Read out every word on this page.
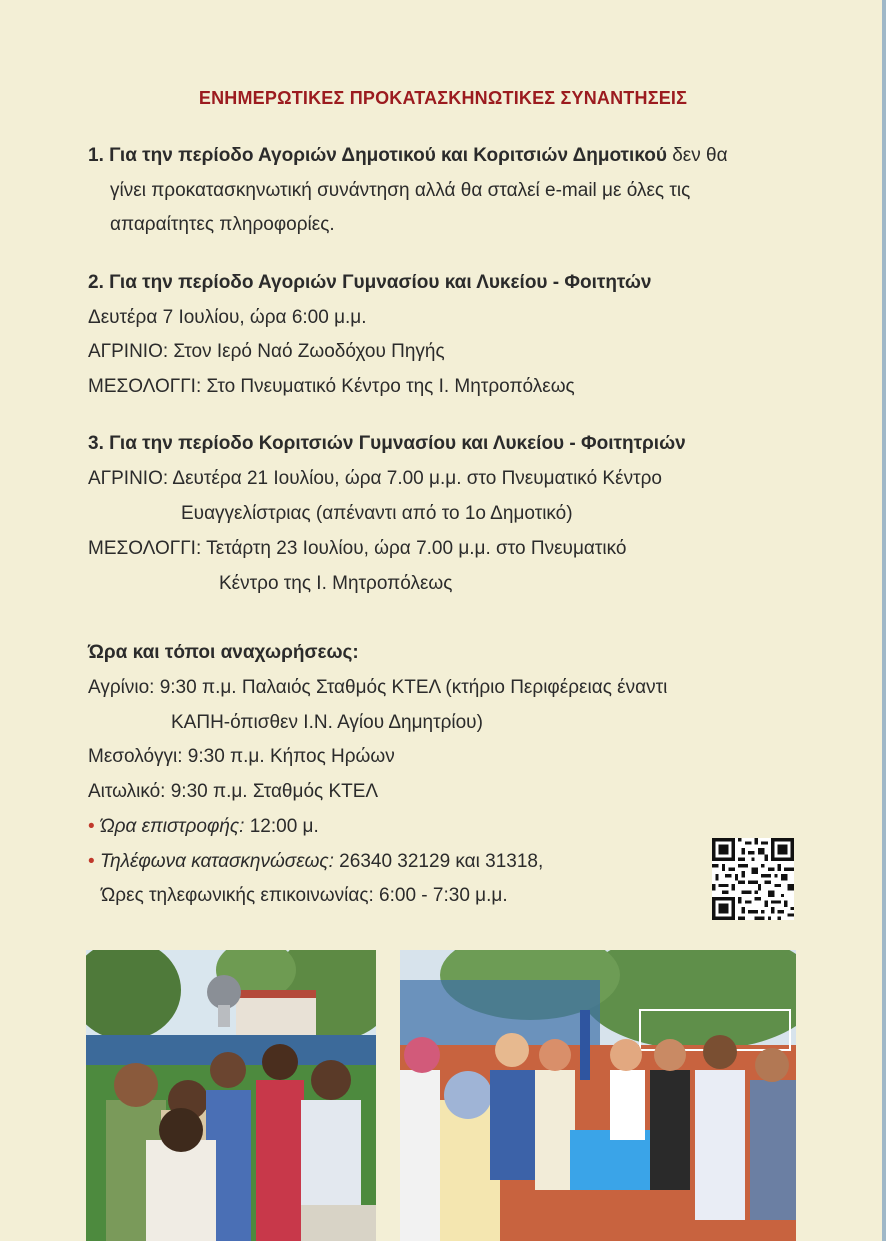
ΕΝΗΜΕΡΩΤΙΚΕΣ ΠΡΟΚΑΤΑΣΚΗΝΩΤΙΚΕΣ ΣΥΝΑΝΤΗΣΕΙΣ
1. Για την περίοδο Αγοριών Δημοτικού και Κοριτσιών Δημοτικού δεν θα
γίνει προκατασκηνωτική συνάντηση αλλά θα σταλεί e-mail με όλες τις
απαραίτητες πληροφορίες.
2. Για την περίοδο Αγοριών Γυμνασίου και Λυκείου - Φοιτητών
Δευτέρα 7 Ιουλίου, ώρα 6:00 μ.μ.
ΑΓΡΙΝΙΟ: Στον Ιερό Ναό Ζωοδόχου Πηγής
ΜΕΣΟΛΟΓΓΙ: Στο Πνευματικό Κέντρο της Ι. Μητροπόλεως
3. Για την περίοδο Κοριτσιών Γυμνασίου και Λυκείου - Φοιτητριών
ΑΓΡΙΝΙΟ: Δευτέρα 21 Ιουλίου, ώρα 7.00 μ.μ. στο Πνευματικό Κέντρο
Ευαγγελίστριας (απέναντι από το 1ο Δημοτικό)
ΜΕΣΟΛΟΓΓΙ: Τετάρτη 23 Ιουλίου, ώρα 7.00 μ.μ. στο Πνευματικό
Κέντρο της Ι. Μητροπόλεως
Ώρα και τόποι αναχωρήσεως:
Αγρίνιο: 9:30 π.μ. Παλαιός Σταθμός ΚΤΕΛ (κτήριο Περιφέρειας έναντι
ΚΑΠΗ-όπισθεν Ι.Ν. Αγίου Δημητρίου)
Μεσολόγγι: 9:30 π.μ. Κήπος Ηρώων
Αιτωλικό: 9:30 π.μ. Σταθμός ΚΤΕΛ
• Ώρα επιστροφής: 12:00 μ.
• Τηλέφωνα κατασκηνώσεως: 26340 32129 και 31318,
Ώρες τηλεφωνικής επικοινωνίας: 6:00 - 7:30 μ.μ.
